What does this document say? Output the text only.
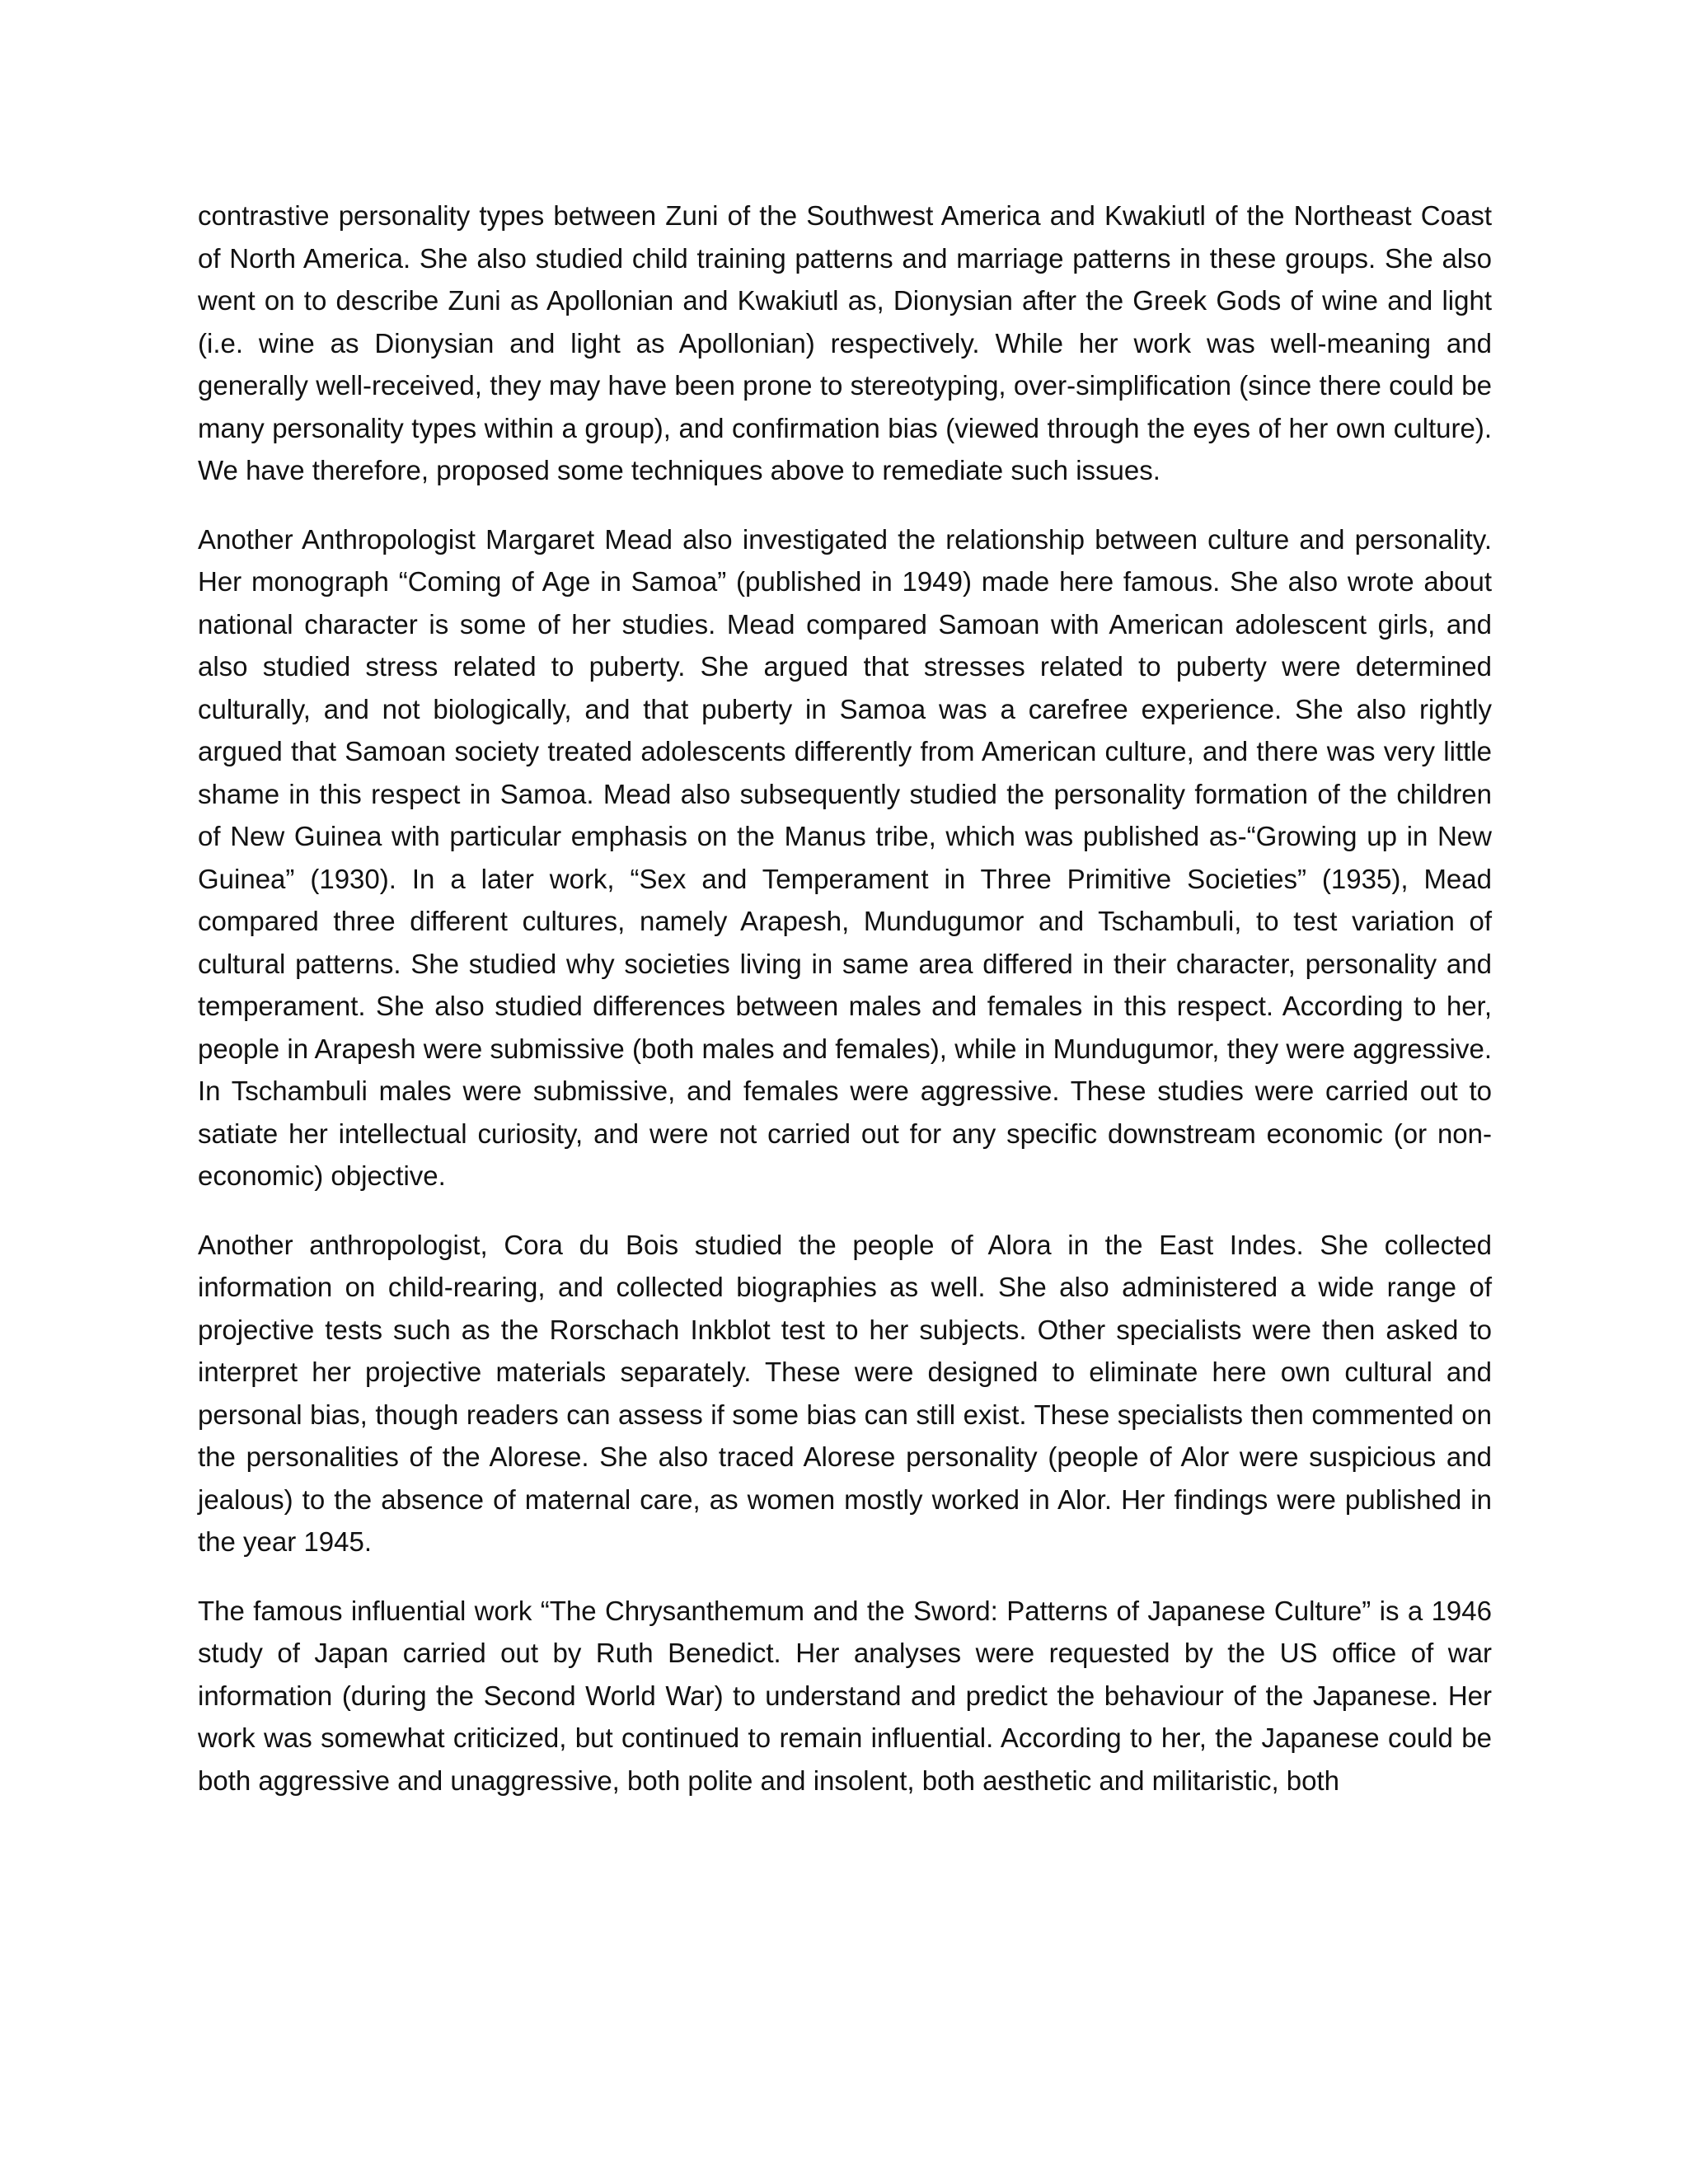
contrastive personality types between Zuni of the Southwest America and Kwakiutl of the Northeast Coast of North America. She also studied child training patterns and marriage patterns in these groups. She also went on to describe Zuni as Apollonian and Kwakiutl as, Dionysian after the Greek Gods of wine and light (i.e. wine as Dionysian and light as Apollonian) respectively. While her work was well-meaning and generally well-received, they may have been prone to stereotyping, over-simplification (since there could be many personality types within a group), and confirmation bias (viewed through the eyes of her own culture). We have therefore, proposed some techniques above to remediate such issues.

Another Anthropologist Margaret Mead also investigated the relationship between culture and personality. Her monograph “Coming of Age in Samoa” (published in 1949) made here famous. She also wrote about national character is some of her studies. Mead compared Samoan with American adolescent girls, and also studied stress related to puberty. She argued that stresses related to puberty were determined culturally, and not biologically, and that puberty in Samoa was a carefree experience. She also rightly argued that Samoan society treated adolescents differently from American culture, and there was very little shame in this respect in Samoa. Mead also subsequently studied the personality formation of the children of New Guinea with particular emphasis on the Manus tribe, which was published as-“Growing up in New Guinea” (1930). In a later work, “Sex and Temperament in Three Primitive Societies” (1935), Mead compared three different cultures, namely Arapesh, Mundugumor and Tschambuli, to test variation of cultural patterns. She studied why societies living in same area differed in their character, personality and temperament. She also studied differences between males and females in this respect. According to her, people in Arapesh were submissive (both males and females), while in Mundugumor, they were aggressive. In Tschambuli males were submissive, and females were aggressive. These studies were carried out to satiate her intellectual curiosity, and were not carried out for any specific downstream economic (or non-economic) objective.

Another anthropologist, Cora du Bois studied the people of Alora in the East Indes. She collected information on child-rearing, and collected biographies as well. She also administered a wide range of projective tests such as the Rorschach Inkblot test to her subjects. Other specialists were then asked to interpret her projective materials separately. These were designed to eliminate here own cultural and personal bias, though readers can assess if some bias can still exist. These specialists then commented on the personalities of the Alorese. She also traced Alorese personality (people of Alor were suspicious and jealous) to the absence of maternal care, as women mostly worked in Alor. Her findings were published in the year 1945.

The famous influential work “The Chrysanthemum and the Sword: Patterns of Japanese Culture” is a 1946 study of Japan carried out by Ruth Benedict. Her analyses were requested by the US office of war information (during the Second World War) to understand and predict the behaviour of the Japanese. Her work was somewhat criticized, but continued to remain influential. According to her, the Japanese could be both aggressive and unaggressive, both polite and insolent, both aesthetic and militaristic, both
